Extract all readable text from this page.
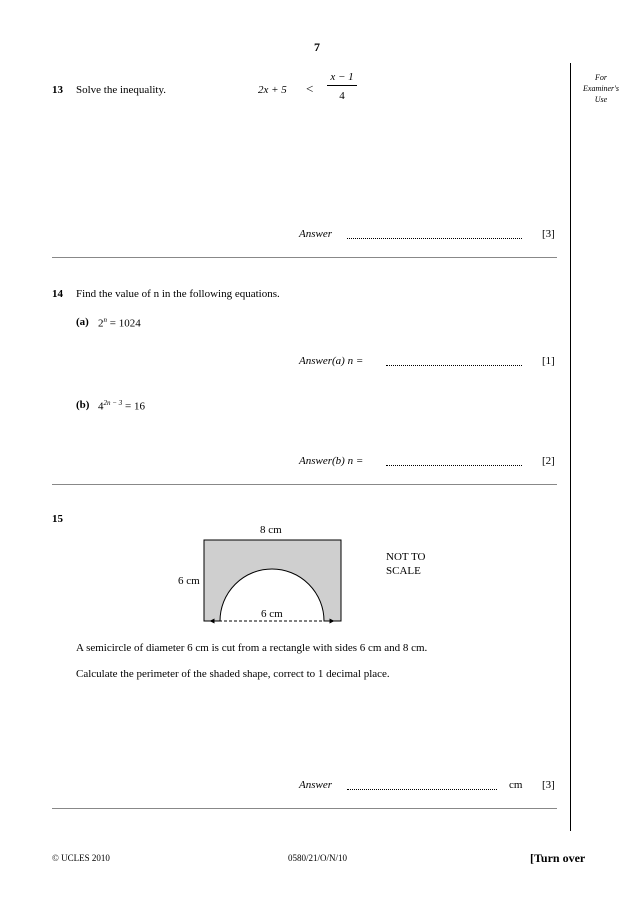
7
For
Examiner's
Use
13 Solve the inequality.	2x + 5 <
x − 1
4
Answer	[3]
14 Find the value of n in the following equations.
(a) $2^n = 1024$
Answer(a) n =	[1]
(b) $4^{2n - 3} = 16$
Answer(b) n =	[2]
15
8 cm
6 cm
6 cm
NOT TO
SCALE
A semicircle of diameter 6 cm is cut from a rectangle with sides 6 cm and 8 cm.
Calculate the perimeter of the shaded shape, correct to 1 decimal place.
Answer	cm [3]
© UCLES 2010	0580/21/O/N/10	[Turn over
